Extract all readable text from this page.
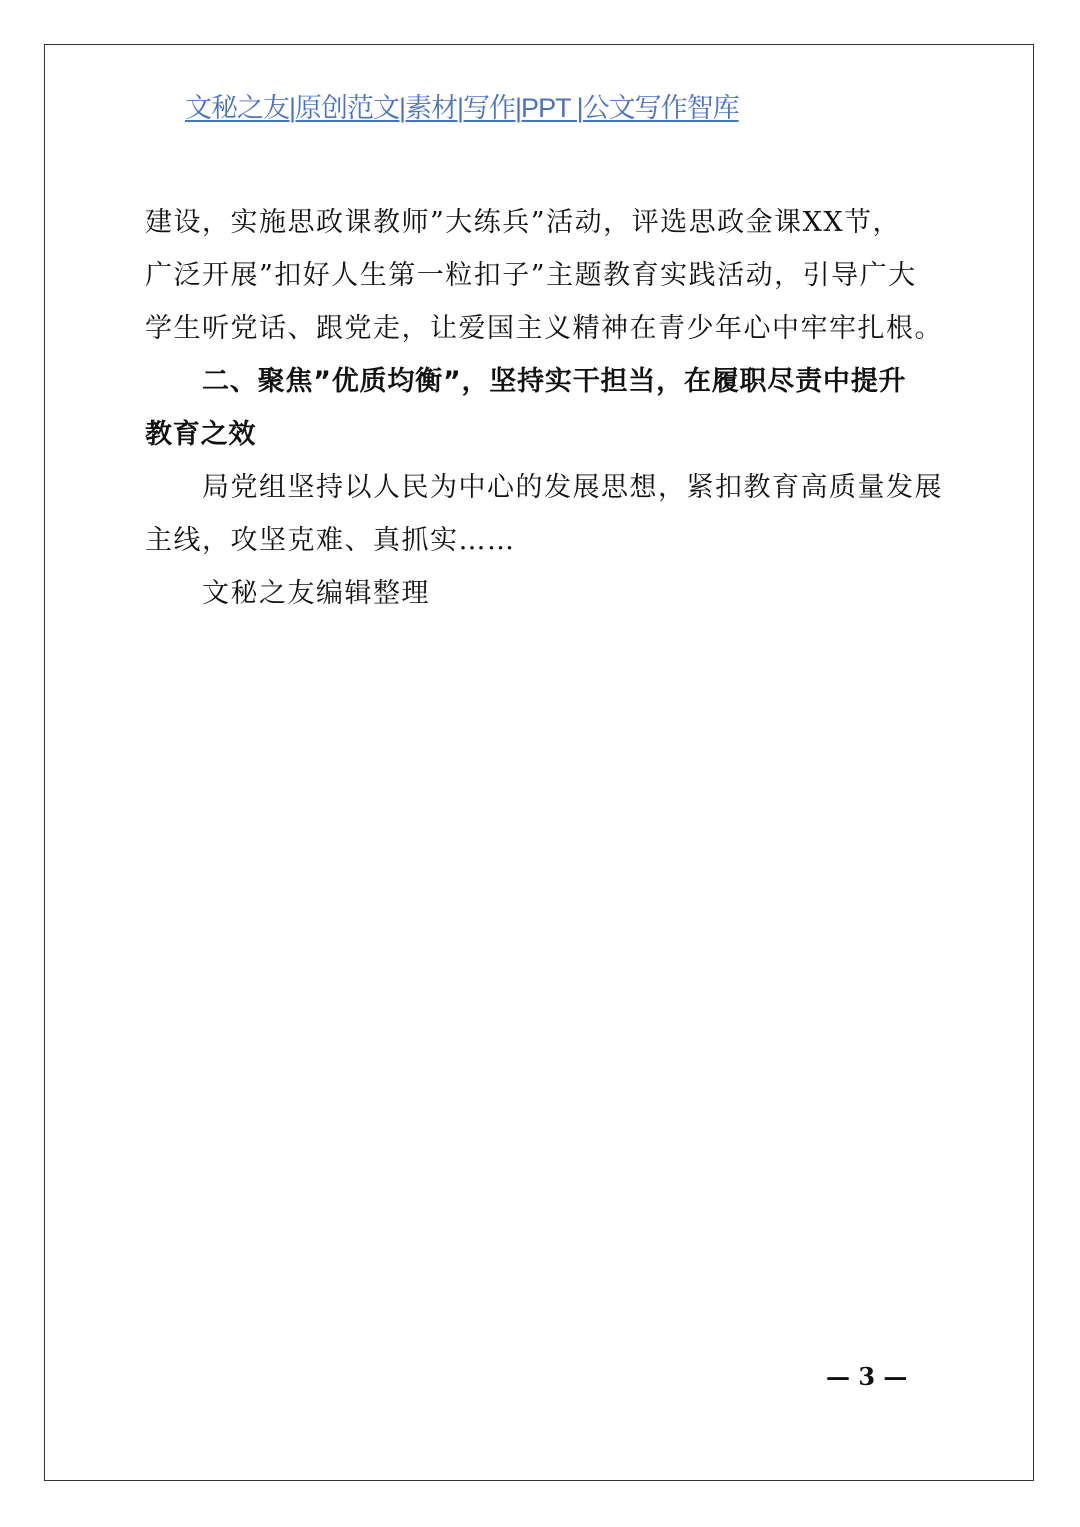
文秘之友|原创范文|素材|写作|PPT |公文写作智库
建设，实施思政课教师”大练兵”活动，评选思政金课XX节，
广泛开展”扣好人生第一粒扣子”主题教育实践活动，引导广大
学生听党话、跟党走，让爱国主义精神在青少年心中牢牢扎根。
二、聚焦”优质均衡”，坚持实干担当，在履职尽责中提升
教育之效
局党组坚持以人民为中心的发展思想，紧扣教育高质量发展
主线，攻坚克难、真抓实……
文秘之友编辑整理
— 3 —
